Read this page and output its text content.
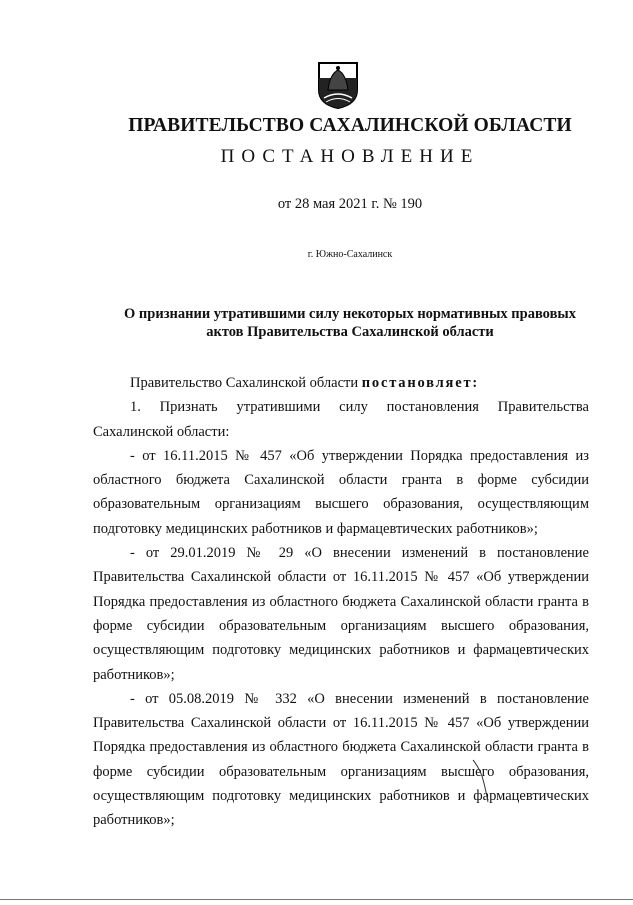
ПРАВИТЕЛЬСТВО САХАЛИНСКОЙ ОБЛАСТИ
ПОСТАНОВЛЕНИЕ
от 28 мая 2021 г. № 190
г. Южно-Сахалинск
О признании утратившими силу некоторых нормативных правовых
актов Правительства Сахалинской области

Правительство Сахалинской области постановляет:

1. Признать утратившими силу постановления Правительства Сахалинской области:

- от 16.11.2015 № 457 «Об утверждении Порядка предоставления из областного бюджета Сахалинской области гранта в форме субсидии образовательным организациям высшего образования, осуществляющим подготовку медицинских работников и фармацевтических работников»;

- от 29.01.2019 № 29 «О внесении изменений в постановление Правительства Сахалинской области от 16.11.2015 № 457 «Об утверждении Порядка предоставления из областного бюджета Сахалинской области гранта в форме субсидии образовательным организациям высшего образования, осуществляющим подготовку медицинских работников и фармацевтических работников»;

- от 05.08.2019 № 332 «О внесении изменений в постановление Правительства Сахалинской области от 16.11.2015 № 457 «Об утверждении Порядка предоставления из областного бюджета Сахалинской области гранта в форме субсидии образовательным организациям высшего образования, осуществляющим подготовку медицинских работников и фармацевтических работников»;
